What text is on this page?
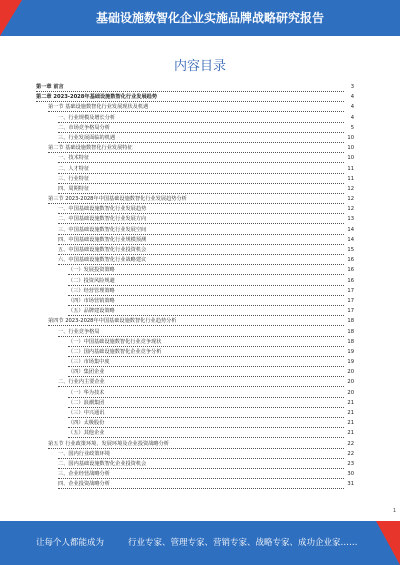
基础设施数智化企业实施品牌战略研究报告
内容目录
第一章 前言	3
第二章 2023-2028年基础设施数智化行业发展趋势	4
第一节 基础设施数智化行业发展现状及机遇	4
一、行业规模及增长分析	4
二、市场竞争格局分析	5
三、行业发展面临的机遇	10
第二节 基础设施数智化行业发展特征	10
一、技术特征	10
二、人才特征	11
三、行业特征	11
四、周期特征	12
第三节 2023-2028年中国基础设施数智化行业发展趋势分析	12
一、中国基础设施数智化行业发展趋势	12
二、中国基础设施数智化行业发展方向	13
三、中国基础设施数智化行业发展空间	14
四、中国基础设施数智化行业规模预测	14
五、中国基础设施数智化行业投资机会	15
六、中国基础设施数智化行业战略建议	16
（一）发展投资策略	16
（二）投资风险规避	16
（三）经营管理策略	17
（四）市场营销策略	17
（五）品牌建设策略	17
第四节 2023-2028年中国基础设施数智化行业趋势分析	18
一、行业竞争格局	18
（一）中国基础设施数智化行业竞争现状	18
（二）国内基础设施数智化企业竞争分析	19
（三）市场集中度	19
（四）集团企业	20
二、行业内主要企业	20
（一）华为技术	20
（二）浪潮集团	21
（三）中兴通讯	21
（四）太极股份	21
（五）其他企业	21
第五节 行业政策环境、发展环境及企业投资战略分析	22
一、国内行业政策环境	22
二、国内基础设施数智化企业投资机会	23
三、企业经营战略分析	30
四、企业投资战略分析	31
1
让每个人都能成为	行业专家、管理专家、营销专家、战略专家、成功企业家……
